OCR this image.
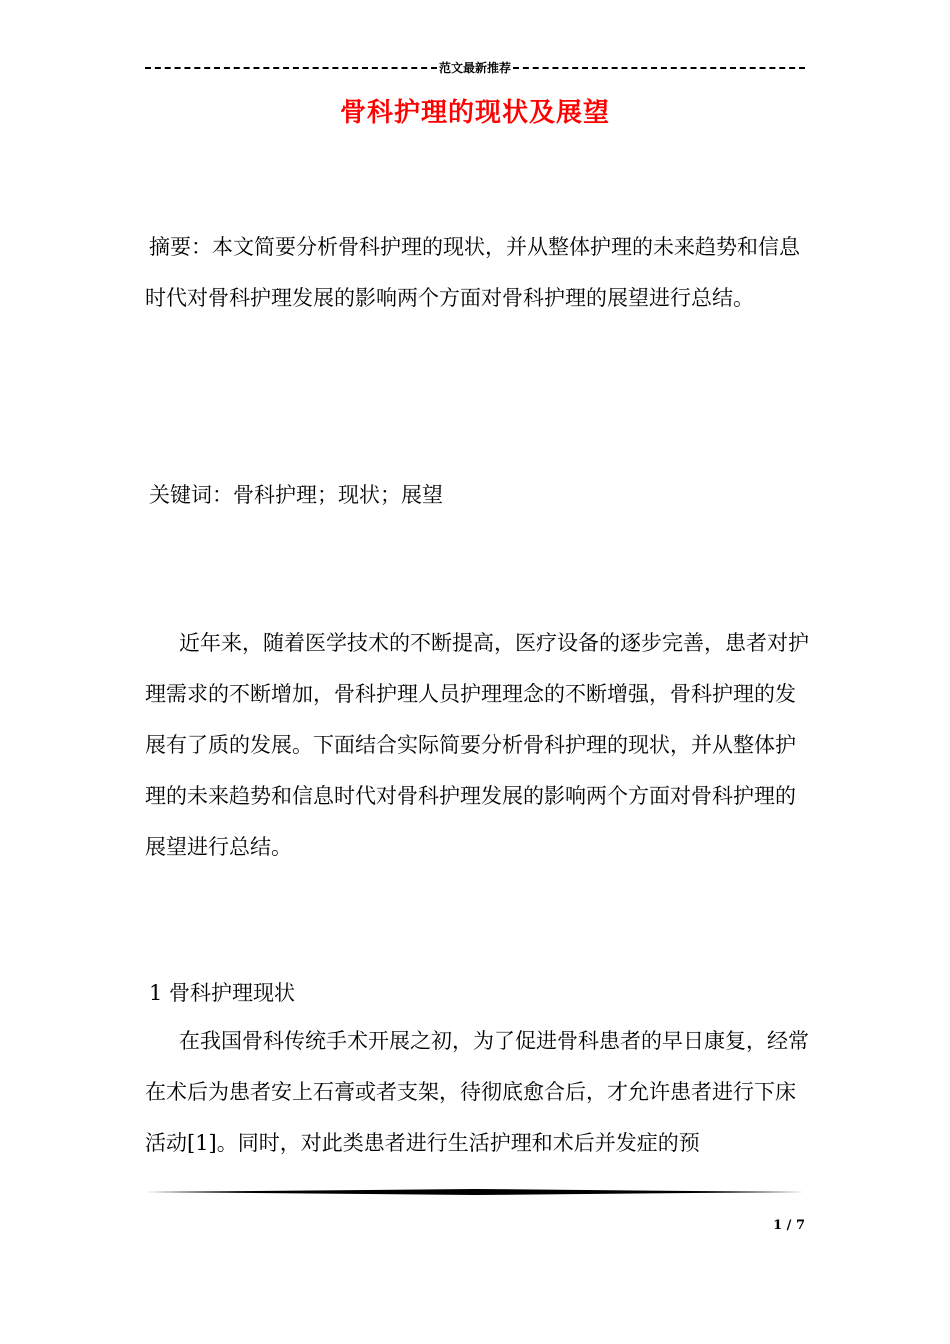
范文最新推荐
骨科护理的现状及展望

摘要：本文简要分析骨科护理的现状，并从整体护理的未来趋势和信息时代对骨科护理发展的影响两个方面对骨科护理的展望进行总结。

关键词：骨科护理；现状；展望

近年来，随着医学技术的不断提高，医疗设备的逐步完善，患者对护理需求的不断增加，骨科护理人员护理理念的不断增强，骨科护理的发展有了质的发展。下面结合实际简要分析骨科护理的现状，并从整体护理的未来趋势和信息时代对骨科护理发展的影响两个方面对骨科护理的展望进行总结。

1 骨科护理现状

在我国骨科传统手术开展之初，为了促进骨科患者的早日康复，经常在术后为患者安上石膏或者支架，待彻底愈合后，才允许患者进行下床活动[1]。同时，对此类患者进行生活护理和术后并发症的预

1 / 7
